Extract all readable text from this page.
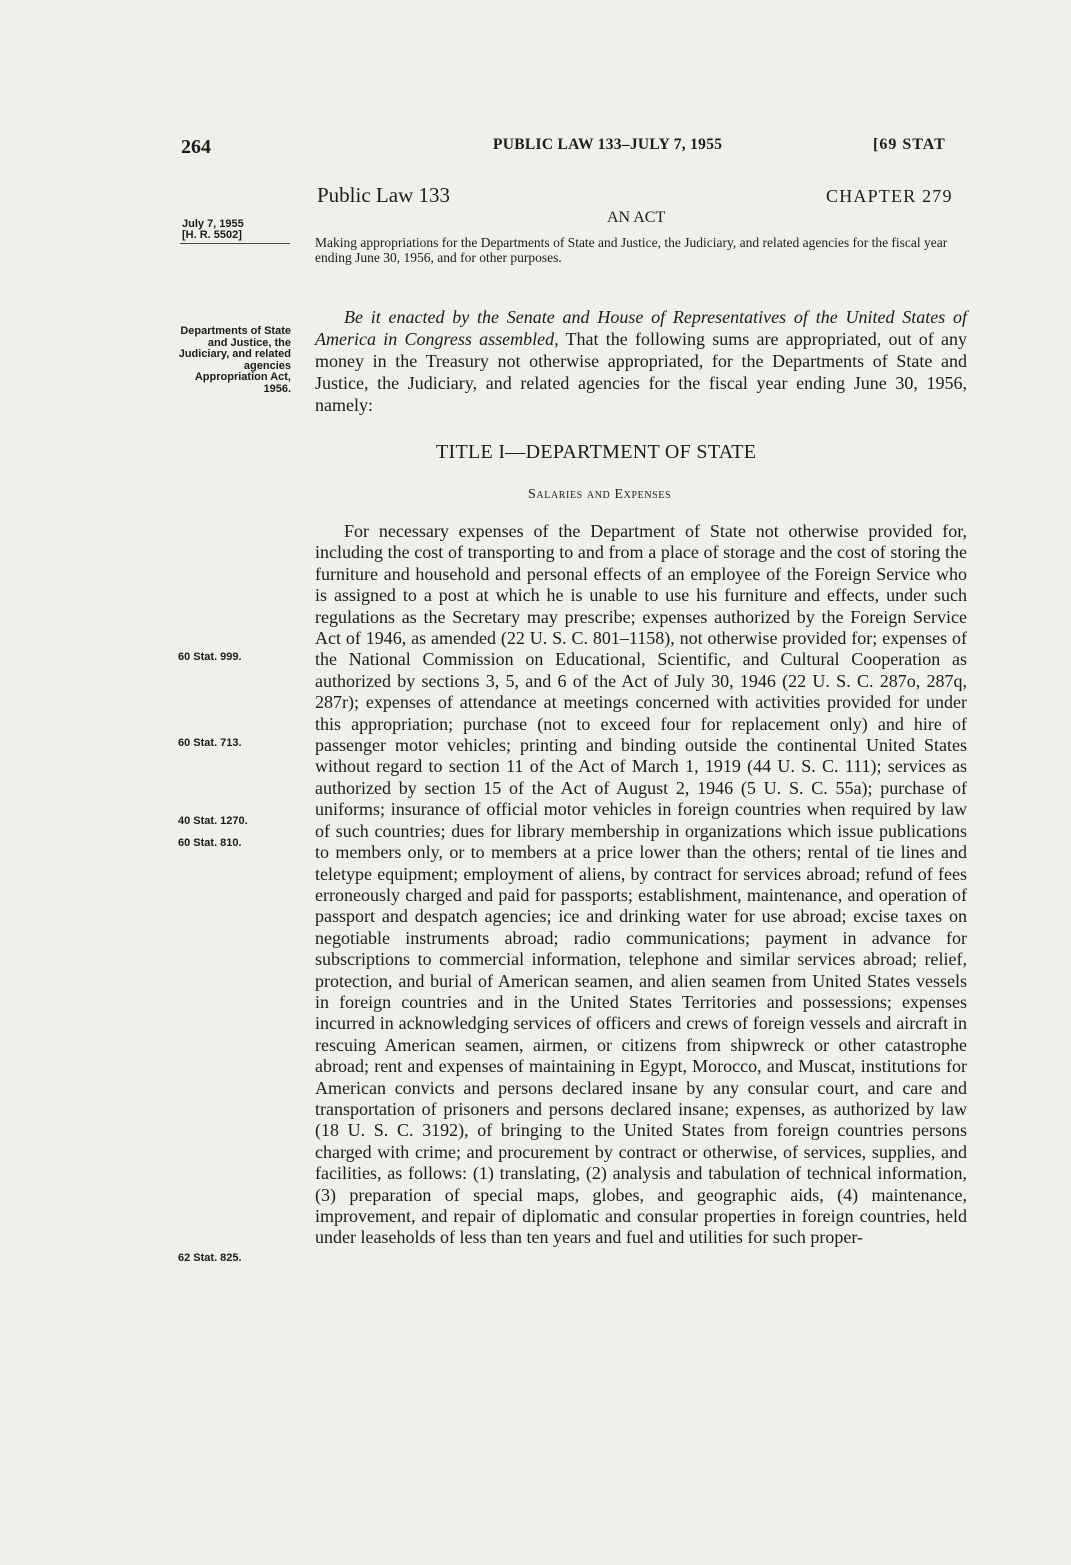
264	PUBLIC LAW 133–JULY 7, 1955	[69 STAT
Public Law 133	CHAPTER 279
AN ACT
July 7, 1955
[H. R. 5502]	Making appropriations for the Departments of State and Justice, the Judiciary, and related agencies for the fiscal year ending June 30, 1956, and for other purposes.
Departments of State and Justice, the Judiciary, and related agencies Appropriation Act, 1956.
Be it enacted by the Senate and House of Representatives of the United States of America in Congress assembled, That the following sums are appropriated, out of any money in the Treasury not otherwise appropriated, for the Departments of State and Justice, the Judiciary, and related agencies for the fiscal year ending June 30, 1956, namely:
TITLE I—DEPARTMENT OF STATE
Salaries and Expenses
For necessary expenses of the Department of State not otherwise provided for, including the cost of transporting to and from a place of storage and the cost of storing the furniture and household and personal effects of an employee of the Foreign Service who is assigned to a post at which he is unable to use his furniture and effects, under such regulations as the Secretary may prescribe; expenses authorized by the Foreign Service Act of 1946, as amended (22 U. S. C. 801–1158), not otherwise provided for; expenses of the National Commission on Educational, Scientific, and Cultural Cooperation as authorized by sections 3, 5, and 6 of the Act of July 30, 1946 (22 U. S. C. 287o, 287q, 287r); expenses of attendance at meetings concerned with activities provided for under this appropriation; purchase (not to exceed four for replacement only) and hire of passenger motor vehicles; printing and binding outside the continental United States without regard to section 11 of the Act of March 1, 1919 (44 U. S. C. 111); services as authorized by section 15 of the Act of August 2, 1946 (5 U. S. C. 55a); purchase of uniforms; insurance of official motor vehicles in foreign countries when required by law of such countries; dues for library membership in organizations which issue publications to members only, or to members at a price lower than the others; rental of tie lines and teletype equipment; employment of aliens, by contract for services abroad; refund of fees erroneously charged and paid for passports; establishment, maintenance, and operation of passport and despatch agencies; ice and drinking water for use abroad; excise taxes on negotiable instruments abroad; radio communications; payment in advance for subscriptions to commercial information, telephone and similar services abroad; relief, protection, and burial of American seamen, and alien seamen from United States vessels in foreign countries and in the United States Territories and possessions; expenses incurred in acknowledging services of officers and crews of foreign vessels and aircraft in rescuing American seamen, airmen, or citizens from shipwreck or other catastrophe abroad; rent and expenses of maintaining in Egypt, Morocco, and Muscat, institutions for American convicts and persons declared insane by any consular court, and care and transportation of prisoners and persons declared insane; expenses, as authorized by law (18 U. S. C. 3192), of bringing to the United States from foreign countries persons charged with crime; and procurement by contract or otherwise, of services, supplies, and facilities, as follows: (1) translating, (2) analysis and tabulation of technical information, (3) preparation of special maps, globes, and geographic aids, (4) maintenance, improvement, and repair of diplomatic and consular properties in foreign countries, held under leaseholds of less than ten years and fuel and utilities for such proper-
60 Stat. 999.
60 Stat. 713.
40 Stat. 1270.
60 Stat. 810.
62 Stat. 825.
